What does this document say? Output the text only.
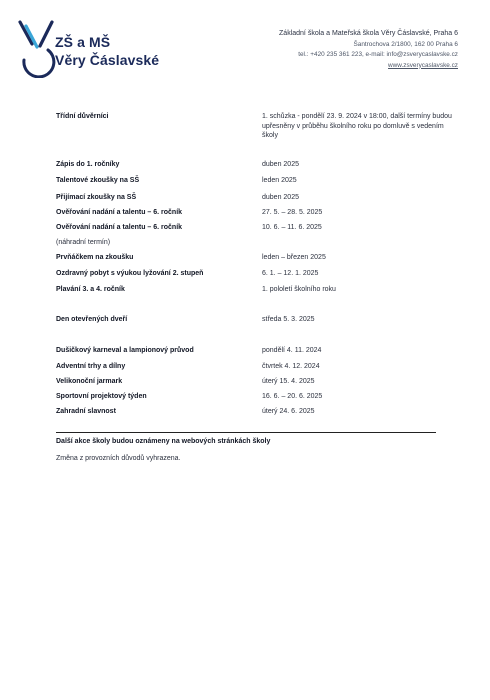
ZŠ a MŠ
Věry Čáslavské
Základní škola a Mateřská škola Věry Čáslavské, Praha 6
Šantrochova 2/1800, 162 00 Praha 6
tel.: +420 235 361 223, e-mail: info@zsverycaslavske.cz
www.zsverycaslavske.cz
Třídní důvěrníci	1. schůzka - pondělí 23. 9. 2024 v 18:00, další termíny budou upřesněny v průběhu školního roku po domluvě s vedením školy
Zápis do 1. ročníky	duben 2025
Talentové zkoušky na SŠ	leden 2025
Přijímací zkoušky na SŠ	duben 2025
Ověřování nadání a talentu – 6. ročník	27. 5. – 28. 5. 2025
Ověřování nadání a talentu – 6. ročník	10. 6. – 11. 6. 2025
(náhradní termín)
Prvňáčkem na zkoušku	leden – březen 2025
Ozdravný pobyt s výukou lyžování 2. stupeň	6. 1. – 12. 1. 2025
Plavání 3. a 4. ročník	1. pololetí školního roku
Den otevřených dveří	středa 5. 3. 2025
Dušičkový karneval a lampionový průvod	pondělí 4. 11. 2024
Adventní trhy a dílny	čtvrtek 4. 12. 2024
Velikonoční jarmark	úterý 15. 4. 2025
Sportovní projektový týden	16. 6. – 20. 6. 2025
Zahradní slavnost	úterý 24. 6. 2025
Další akce školy budou oznámeny na webových stránkách školy
Změna z provozních důvodů vyhrazena.
